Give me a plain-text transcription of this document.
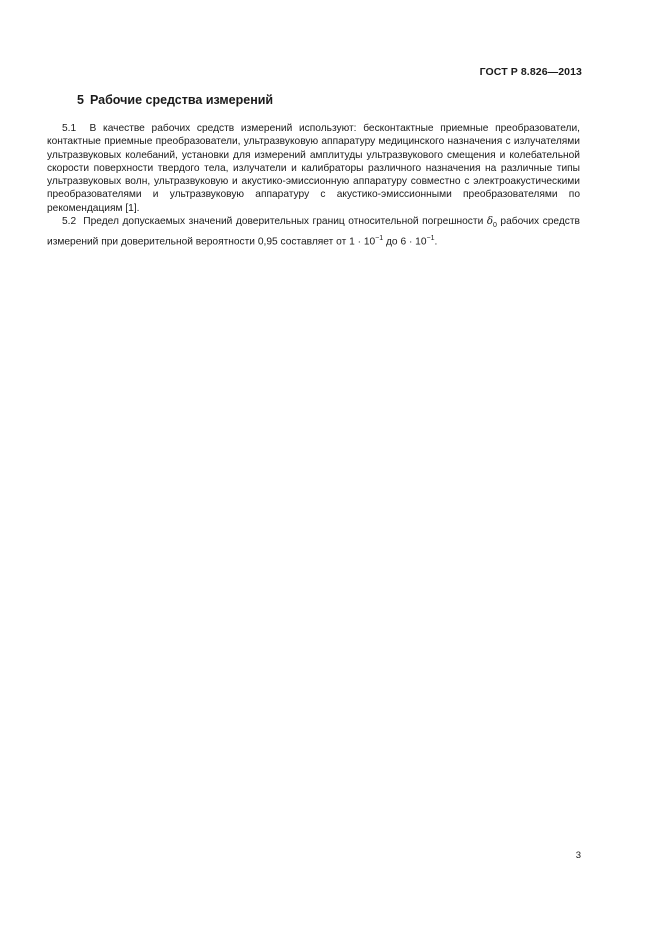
ГОСТ Р 8.826—2013
5 Рабочие средства измерений

5.1 В качестве рабочих средств измерений используют: бесконтактные приемные преобразователи, контактные приемные преобразователи, ультразвуковую аппаратуру медицинского назначения с излучателями ультразвуковых колебаний, установки для измерений амплитуды ультразвукового смещения и колебательной скорости поверхности твердого тела, излучатели и калибраторы различного назначения на различные типы ультразвуковых волн, ультразвуковую и акустико-эмиссионную аппаратуру совместно с электроакустическими преобразователями и ультразвуковую аппаратуру с акустико-эмиссионными преобразователями по рекомендациям [1].

5.2 Предел допускаемых значений доверительных границ относительной погрешности $\delta_0$ рабочих средств измерений при доверительной вероятности 0,95 составляет от $1 \cdot 10^{-1}$ до $6 \cdot 10^{-1}$.

3
